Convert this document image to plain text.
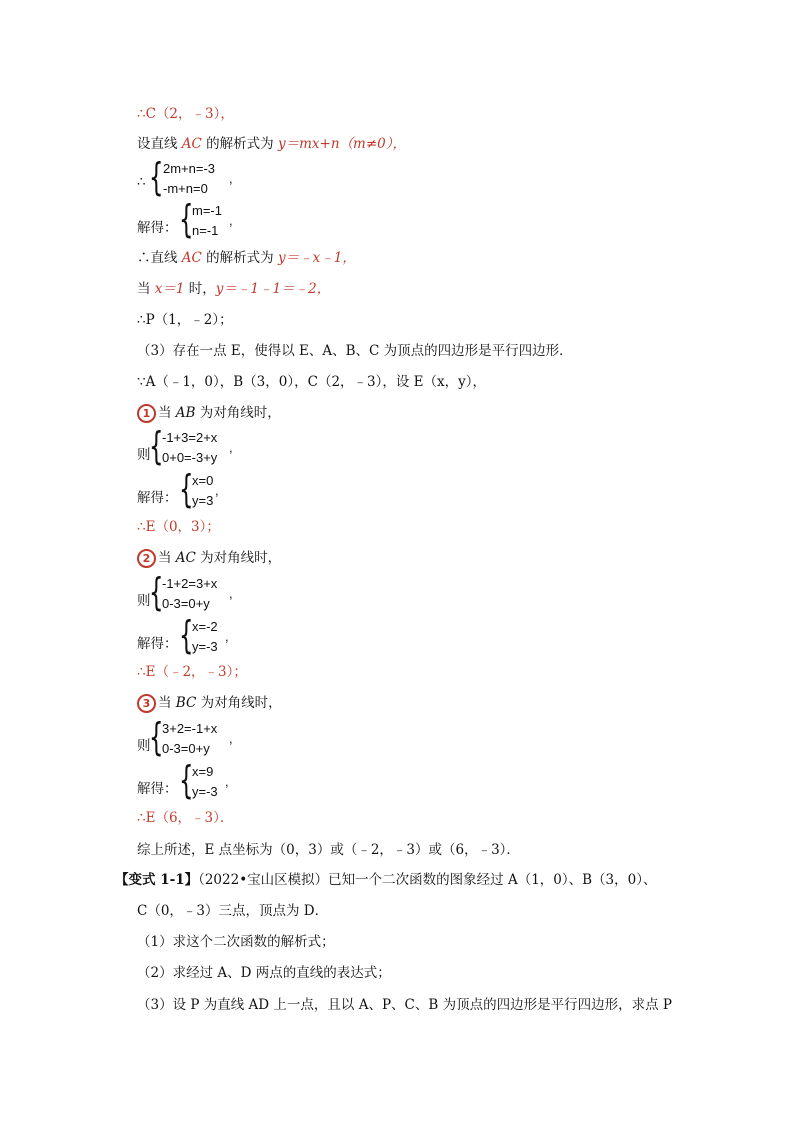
∴C（2，﹣3），
设直线 AC 的解析式为 y＝mx+n（m≠0），
∴ { 2m+n=-3
-m+n=0
,
解得： {
m=-1
n=-1
,
∴直线 AC 的解析式为 y＝﹣x﹣1，
当 x＝1 时，y＝﹣1﹣1＝﹣2，
∴P（1，﹣2）；
（3）存在一点 E，使得以 E、A、B、C 为顶点的四边形是平行四边形．
∵A（﹣1，0），B（3，0），C（2，﹣3），设 E（x，y），
1 当 AB 为对角线时，
则
{
-1+3=2+x
0+0=-3+y
,
解得： {
x=0
y=3
,
∴E（0，3）；
2 当 AC 为对角线时，
则
{
-1+2=3+x
0-3=0+y
,
解得： {
x=-2
y=-3
,
∴E（﹣2，﹣3）；
3 当 BC 为对角线时，
则
{
3+2=-1+x
0-3=0+y
,
解得： {
x=9
y=-3
,
∴E（6，﹣3）．
综上所述，E 点坐标为（0，3）或（﹣2，﹣3）或（6，﹣3）．
【变式 1-1】（2022•宝山区模拟）已知一个二次函数的图象经过 A（1，0）、B（3，0）、
C（0，﹣3）三点，顶点为 D．
（1）求这个二次函数的解析式；
（2）求经过 A、D 两点的直线的表达式；
（3）设 P 为直线 AD 上一点，且以 A、P、C、B 为顶点的四边形是平行四边形，求点 P
